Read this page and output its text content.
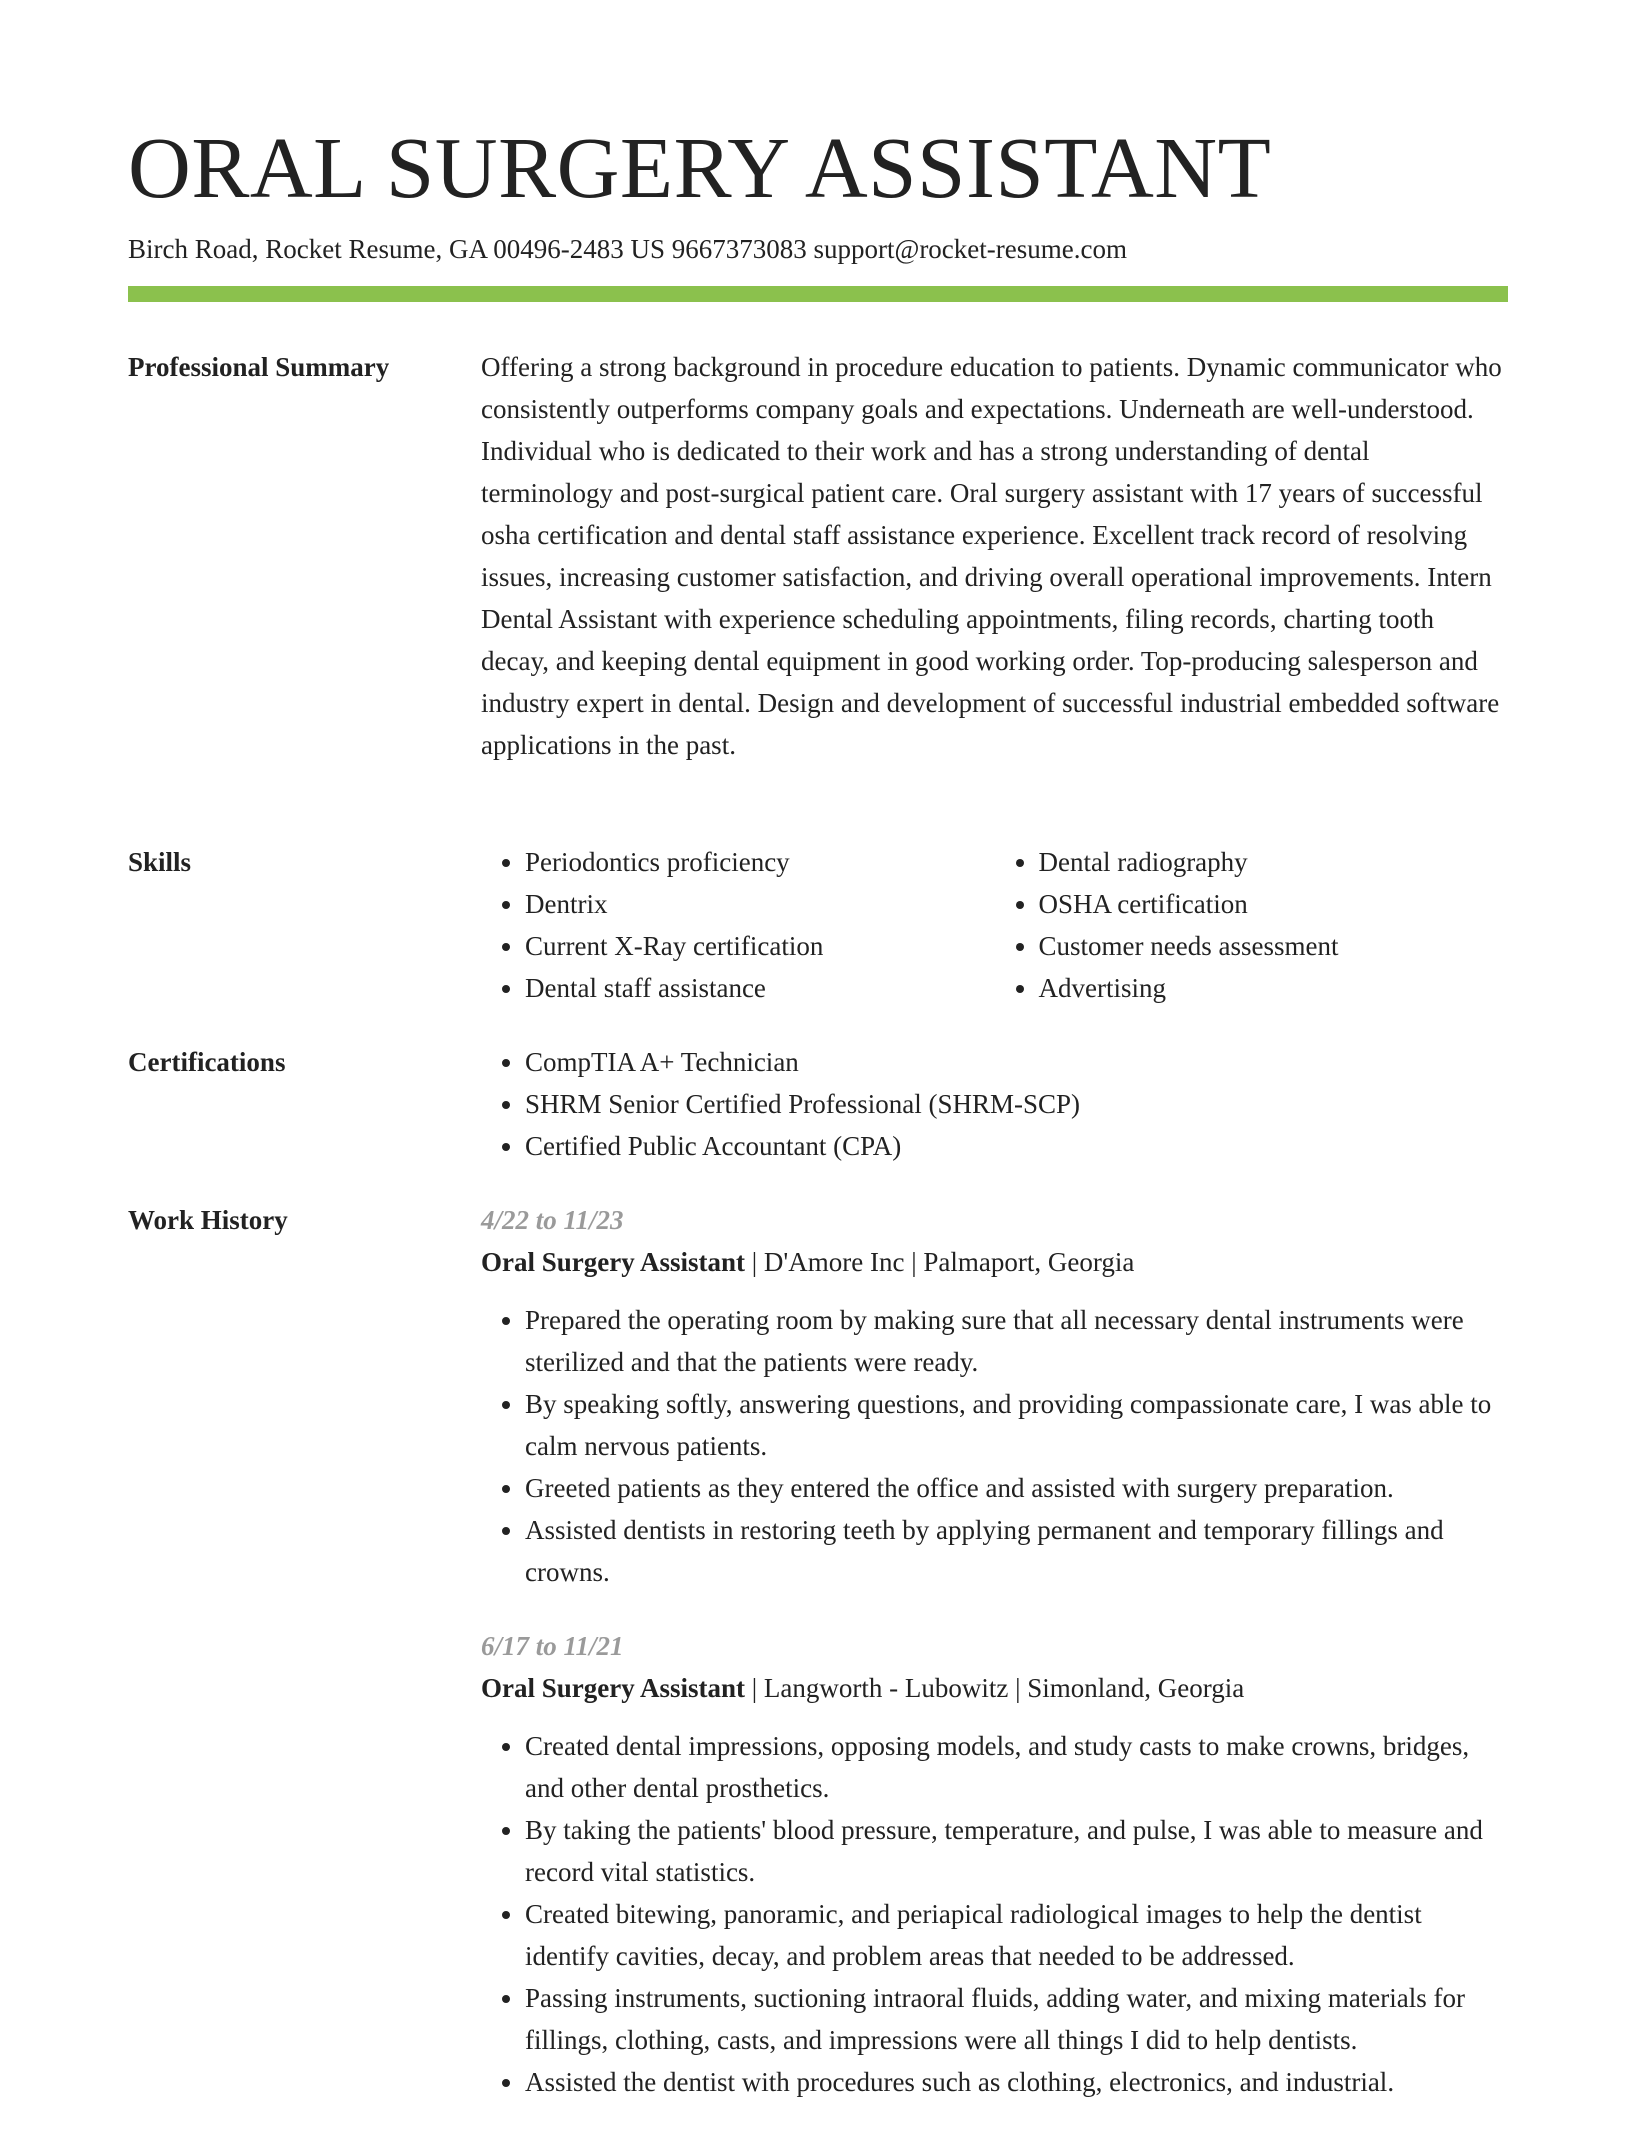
ORAL SURGERY ASSISTANT
Birch Road, Rocket Resume, GA 00496-2483 US 9667373083 support@rocket-resume.com
Professional Summary	Offering a strong background in procedure education to patients. Dynamic communicator who consistently outperforms company goals and expectations. Underneath are well-understood. Individual who is dedicated to their work and has a strong understanding of dental terminology and post-surgical patient care. Oral surgery assistant with 17 years of successful osha certification and dental staff assistance experience. Excellent track record of resolving issues, increasing customer satisfaction, and driving overall operational improvements. Intern Dental Assistant with experience scheduling appointments, filing records, charting tooth decay, and keeping dental equipment in good working order. Top-producing salesperson and industry expert in dental. Design and development of successful industrial embedded software applications in the past.

Skills	• Periodontics proficiency
• Dentrix
• Current X-Ray certification
• Dental staff assistance
• Dental radiography
• OSHA certification
• Customer needs assessment
• Advertising
Certifications	• CompTIA A+ Technician
• SHRM Senior Certified Professional (SHRM-SCP)
• Certified Public Accountant (CPA)
Work History	4/22 to 11/23
Oral Surgery Assistant | D'Amore Inc | Palmaport, Georgia
• Prepared the operating room by making sure that all necessary dental instruments were sterilized and that the patients were ready.
• By speaking softly, answering questions, and providing compassionate care, I was able to calm nervous patients.
• Greeted patients as they entered the office and assisted with surgery preparation.
• Assisted dentists in restoring teeth by applying permanent and temporary fillings and crowns.
6/17 to 11/21
Oral Surgery Assistant | Langworth - Lubowitz | Simonland, Georgia
• Created dental impressions, opposing models, and study casts to make crowns, bridges, and other dental prosthetics.
• By taking the patients' blood pressure, temperature, and pulse, I was able to measure and record vital statistics.
• Created bitewing, panoramic, and periapical radiological images to help the dentist identify cavities, decay, and problem areas that needed to be addressed.
• Passing instruments, suctioning intraoral fluids, adding water, and mixing materials for fillings, clothing, casts, and impressions were all things I did to help dentists.
• Assisted the dentist with procedures such as clothing, electronics, and industrial.
